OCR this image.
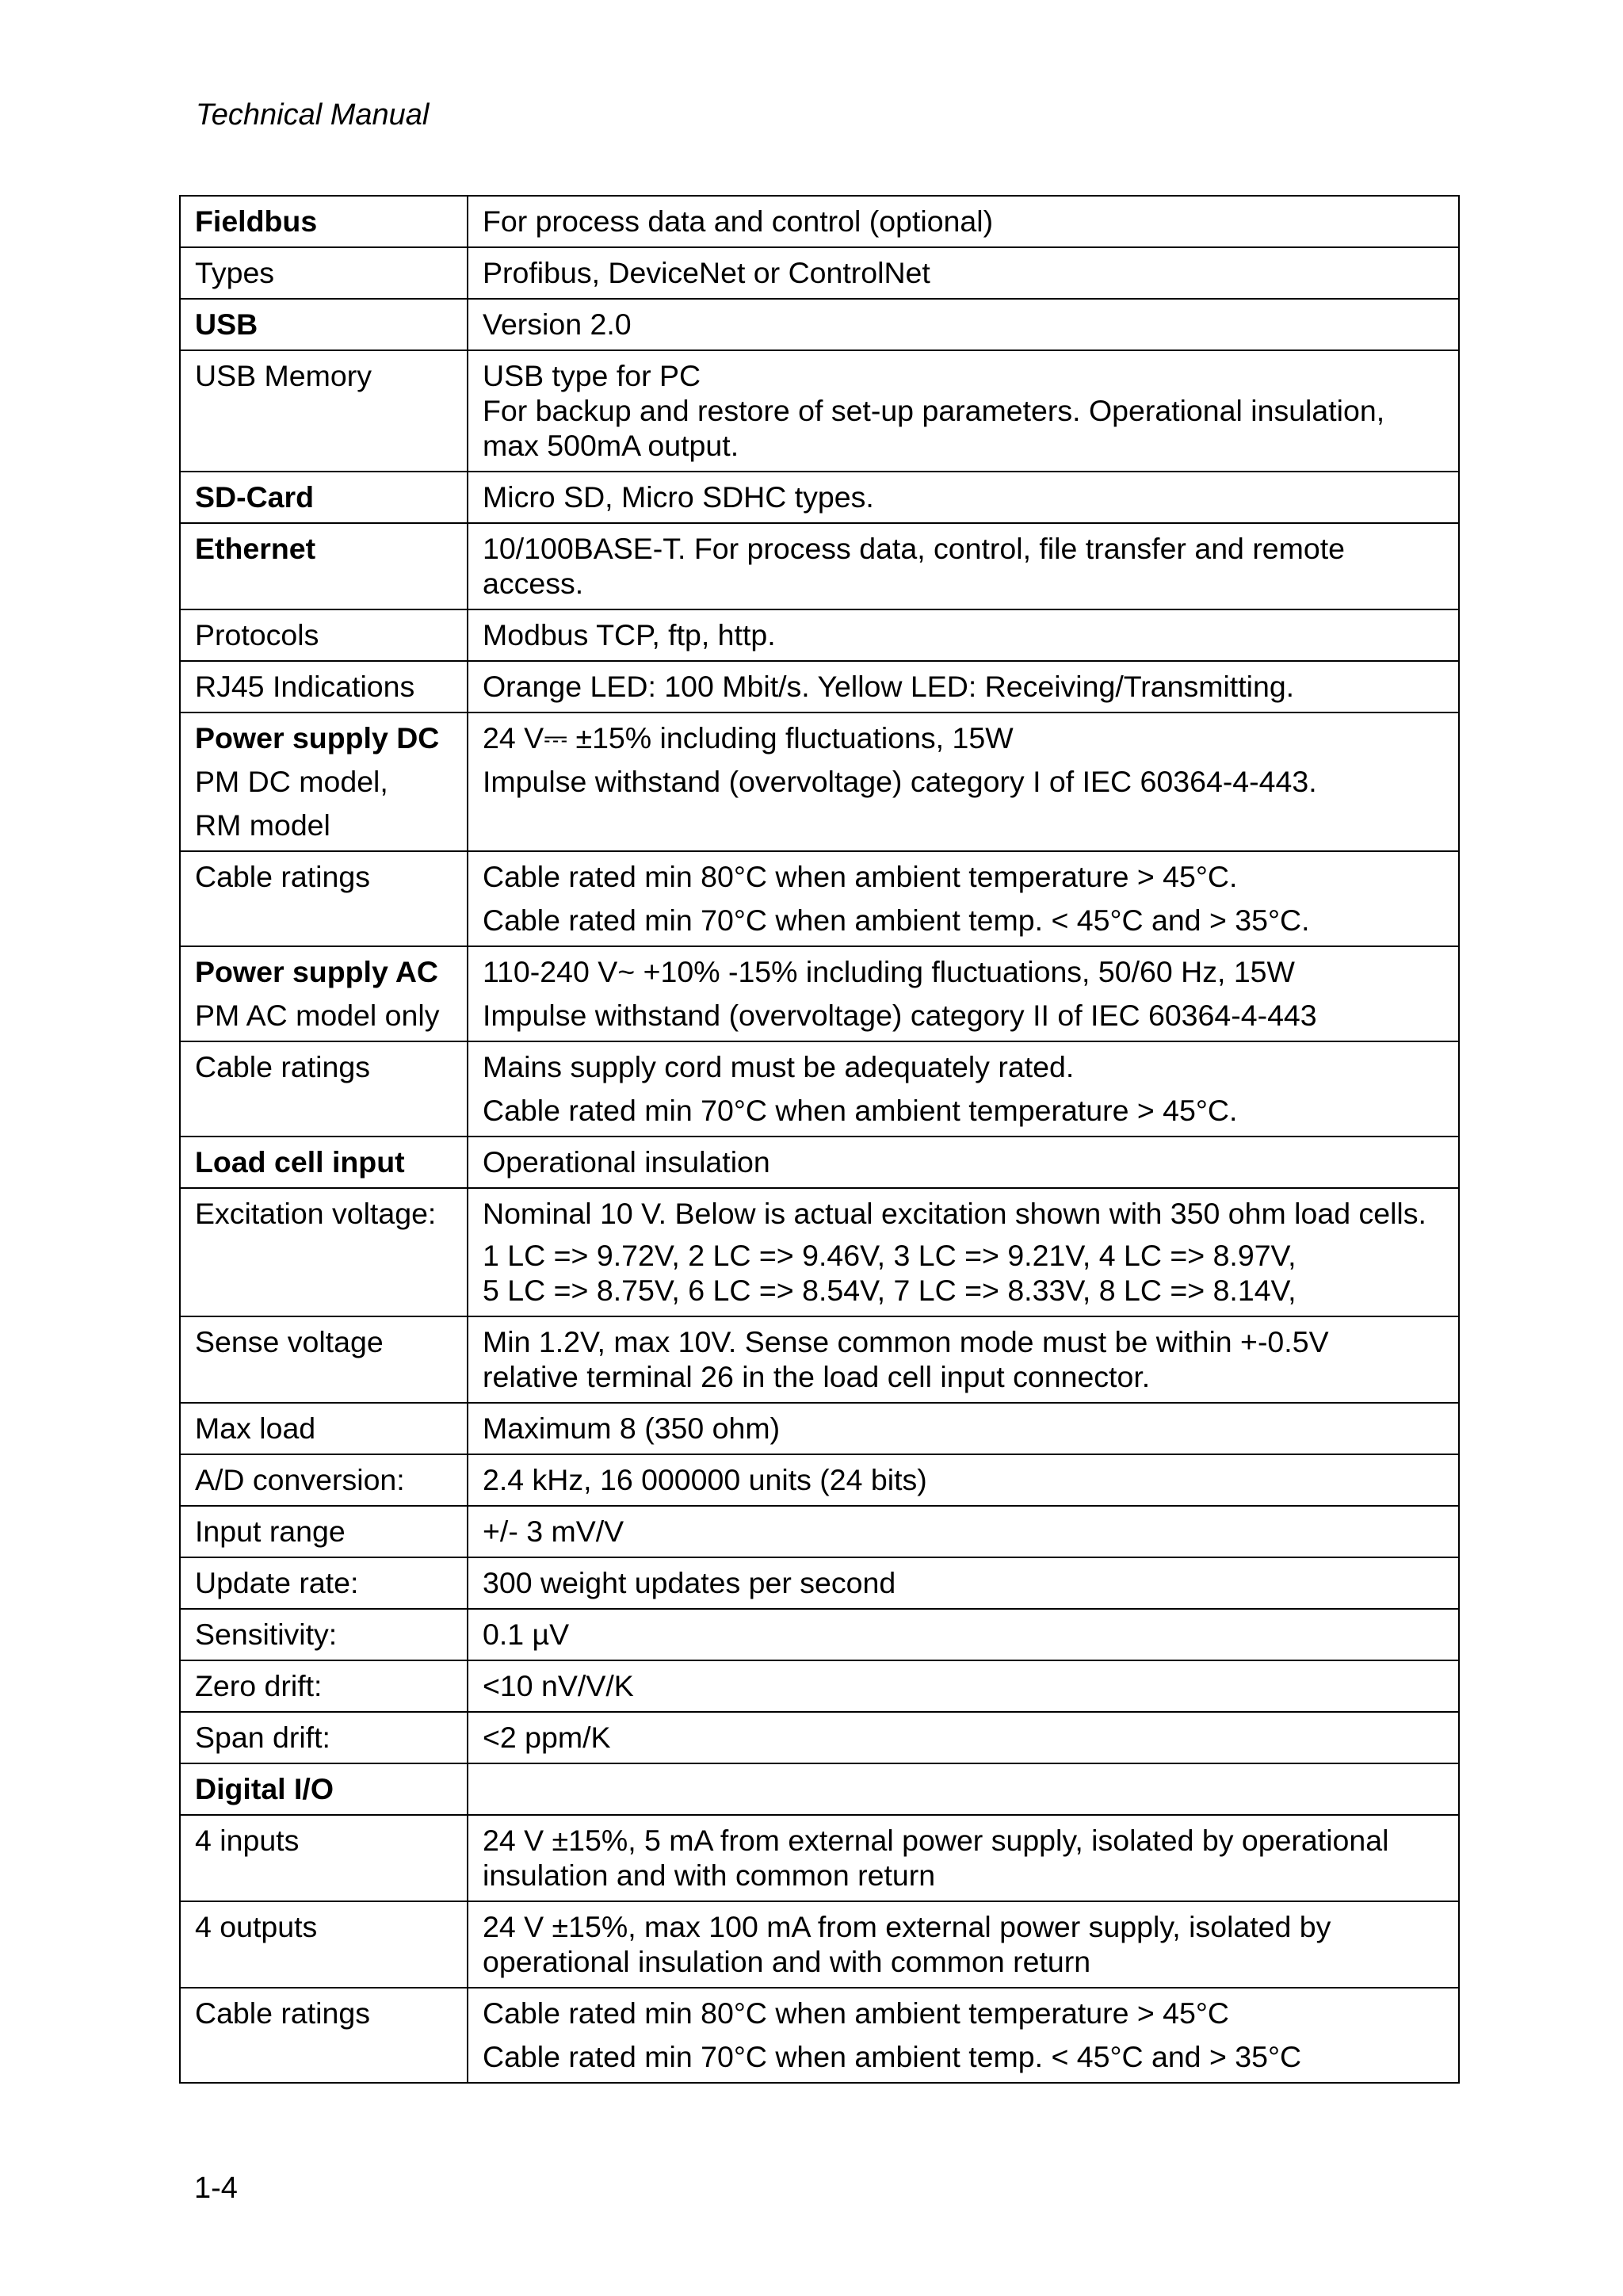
Technical Manual
Fieldbus	For process data and control (optional)

Types	Profibus, DeviceNet or ControlNet

USB	Version 2.0

USB Memory	USB type for PC
For backup and restore of set-up parameters. Operational insulation,
max 500mA output.

SD-Card	Micro SD, Micro SDHC types.

Ethernet	10/100BASE-T. For process data, control, file transfer and remote
access.

Protocols	Modbus TCP, ftp, http.

RJ45 Indications	Orange LED: 100 Mbit/s. Yellow LED: Receiving/Transmitting.

Power supply DC
PM DC model,
RM model	24 V⎓ ±15% including fluctuations, 15W
Impulse withstand (overvoltage) category I of IEC 60364-4-443.

Cable ratings	Cable rated min 80°C when ambient temperature > 45°C.
Cable rated min 70°C when ambient temp. < 45°C and > 35°C.

Power supply AC
PM AC model only	110-240 V~ +10% -15% including fluctuations, 50/60 Hz, 15W
Impulse withstand (overvoltage) category II of IEC 60364-4-443

Cable ratings	Mains supply cord must be adequately rated.
Cable rated min 70°C when ambient temperature > 45°C.

Load cell input	Operational insulation

Excitation voltage:	Nominal 10 V. Below is actual excitation shown with 350 ohm load cells.
1 LC => 9.72V, 2 LC => 9.46V, 3 LC => 9.21V, 4 LC => 8.97V,
5 LC => 8.75V, 6 LC => 8.54V, 7 LC => 8.33V, 8 LC => 8.14V,

Sense voltage	Min 1.2V, max 10V. Sense common mode must be within +-0.5V
relative terminal 26 in the load cell input connector.

Max load	Maximum 8 (350 ohm)

A/D conversion:	2.4 kHz, 16 000000 units (24 bits)

Input range	+/- 3 mV/V

Update rate:	300 weight updates per second

Sensitivity:	0.1 µV

Zero drift:	<10 nV/V/K

Span drift:	<2 ppm/K

Digital I/O	

4 inputs	24 V ±15%, 5 mA from external power supply, isolated by operational
insulation and with common return

4 outputs	24 V ±15%, max 100 mA from external power supply, isolated by
operational insulation and with common return

Cable ratings	Cable rated min 80°C when ambient temperature > 45°C
Cable rated min 70°C when ambient temp. < 45°C and > 35°C
1-4
